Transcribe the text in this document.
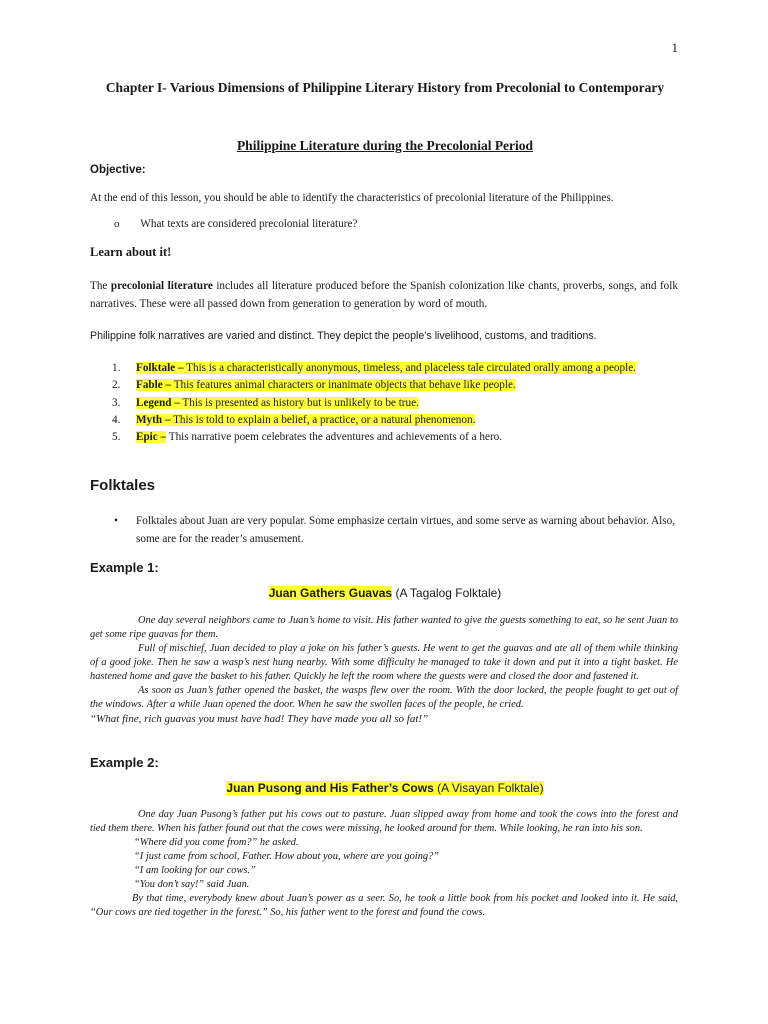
1
Chapter I- Various Dimensions of Philippine Literary History from Precolonial to Contemporary
Philippine Literature during the Precolonial Period
Objective:
At the end of this lesson, you should be able to identify the characteristics of precolonial literature of the Philippines.
o What texts are considered precolonial literature?
Learn about it!
The precolonial literature includes all literature produced before the Spanish colonization like chants, proverbs, songs, and folk narratives. These were all passed down from generation to generation by word of mouth.
Philippine folk narratives are varied and distinct. They depict the people’s livelihood, customs, and traditions.
1.	Folktale – This is a characteristically anonymous, timeless, and placeless tale circulated orally among a people.
2.	Fable – This features animal characters or inanimate objects that behave like people.
3.	Legend – This is presented as history but is unlikely to be true.
4.	Myth – This is told to explain a belief, a practice, or a natural phenomenon.
5.	Epic – This narrative poem celebrates the adventures and achievements of a hero.
Folktales
•	Folktales about Juan are very popular. Some emphasize certain virtues, and some serve as warning about behavior. Also, some are for the reader’s amusement.
Example 1:
Juan Gathers Guavas (A Tagalog Folktale)

One day several neighbors came to Juan’s home to visit. His father wanted to give the guests something to eat, so he sent Juan to get some ripe guavas for them.

Full of mischief, Juan decided to play a joke on his father’s guests. He went to get the guavas and ate all of them while thinking of a good joke. Then he saw a wasp’s nest hung nearby. With some difficulty he managed to take it down and put it into a tight basket. He hastened home and gave the basket to his father. Quickly he left the room where the guests were and closed the door and fastened it.

As soon as Juan’s father opened the basket, the wasps flew over the room. With the door locked, the people fought to get out of the windows. After a while Juan opened the door. When he saw the swollen faces of the people, he cried.

“What fine, rich guavas you must have had! They have made you all so fat!”

Example 2:
Juan Pusong and His Father’s Cows (A Visayan Folktale)

One day Juan Pusong’s father put his cows out to pasture. Juan slipped away from home and took the cows into the forest and tied them there. When his father found out that the cows were missing, he looked around for them. While looking, he ran into his son.

“Where did you come from?” he asked.

“I just came from school, Father. How about you, where are you going?”

“I am looking for our cows.”

“You don’t say!” said Juan.

By that time, everybody knew about Juan’s power as a seer. So, he took a little book from his pocket and looked into it. He said, “Our cows are tied together in the forest.” So, his father went to the forest and found the cows.
